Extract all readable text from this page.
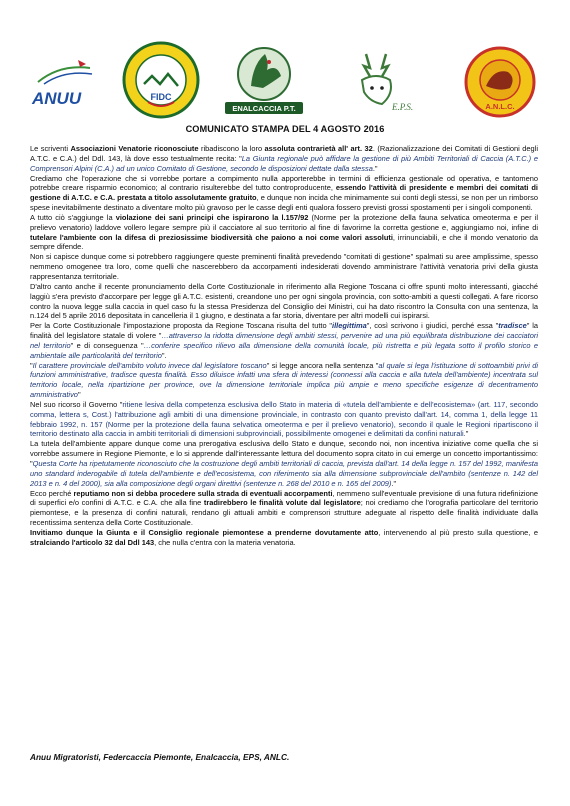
ANUU	FIDC
ENALCACCIA P.T.	E.P.S.	A.N.L.C.
COMUNICATO STAMPA DEL 4 AGOSTO 2016

Le scriventi Associazioni Venatorie riconosciute ribadiscono la loro assoluta contrarietà all' art. 32. (Razionalizzazione dei Comitati di Gestioni degli A.T.C. e C.A.) del Ddl. 143, là dove esso testualmente recita: "La Giunta regionale può affidare la gestione di più Ambiti Territoriali di Caccia (A.T.C.) e Comprensori Alpini (C.A.) ad un unico Comitato di Gestione, secondo le disposizioni dettate dalla stessa."

Crediamo che l'operazione che si vorrebbe portare a compimento nulla apporterebbe in termini di efficienza gestionale od operativa, e tantomeno potrebbe creare risparmio economico; al contrario risulterebbe del tutto controproducente, essendo l'attività di presidente e membri dei comitati di gestione di A.T.C. e C.A. prestata a titolo assolutamente gratuito, e dunque non incida che minimamente sui conti degli stessi, se non per un rimborso spese inevitabilmente destinato a diventare molto più gravoso per le casse degli enti qualora fossero previsti grossi spostamenti per i singoli componenti.

A tutto ciò s'aggiunge la violazione dei sani principi che ispirarono la l.157/92 (Norme per la protezione della fauna selvatica omeoterma e per il prelievo venatorio) laddove vollero legare sempre più il cacciatore al suo territorio al fine di favorirne la corretta gestione e, aggiungiamo noi, infine di tutelare l'ambiente con la difesa di preziosissime biodiversità che paiono a noi come valori assoluti, irrinunciabili, e che il mondo venatorio da sempre difende.

Non si capisce dunque come si potrebbero raggiungere queste preminenti finalità prevedendo "comitati di gestione" spalmati su aree amplissime, spesso nemmeno omogenee tra loro, come quelli che nascerebbero da accorpamenti indesiderati dovendo amministrare l'attività venatoria privi della giusta rappresentanza territoriale.

D'altro canto anche il recente pronunciamento della Corte Costituzionale in riferimento alla Regione Toscana ci offre spunti molto interessanti, giacché laggiù s'era previsto d'accorpare per legge gli A.T.C. esistenti, creandone uno per ogni singola provincia, con sotto-ambiti a questi collegati. A fare ricorso contro la nuova legge sulla caccia in quel caso fu la stessa Presidenza del Consiglio dei Ministri, cui ha dato riscontro la Consulta con una sentenza, la n.124 del 5 aprile 2016 depositata in cancelleria il 1 giugno, e destinata a far storia, diventare per altri modelli cui ispirarsi.

Per la Corte Costituzionale l'impostazione proposta da Regione Toscana risulta del tutto "illegittima", così scrivono i giudici, perché essa "tradisce" la finalità del legislatore statale di volere "…attraverso la ridotta dimensione degli ambiti stessi, pervenire ad una più equilibrata distribuzione dei cacciatori nel territorio" e di conseguenza "…conferire specifico rilievo alla dimensione della comunità locale, più ristretta e più legata sotto il profilo storico e ambientale alle particolarità del territorio".

"Il carattere provinciale dell'ambito voluto invece dal legislatore toscano" si legge ancora nella sentenza "al quale si lega l'istituzione di sottoambiti privi di funzioni amministrative, tradisce questa finalità. Esso diluisce infatti una sfera di interessi (connessi alla caccia e alla tutela dell'ambiente) incentrata sul territorio locale, nella ripartizione per province, ove la dimensione territoriale implica più ampie e meno specifiche esigenze di decentramento amministrativo"

Nel suo ricorso il Governo "ritiene lesiva della competenza esclusiva dello Stato in materia di «tutela dell'ambiente e dell'ecosistema» (art. 117, secondo comma, lettera s, Cost.) l'attribuzione agli ambiti di una dimensione provinciale, in contrasto con quanto previsto dall'art. 14, comma 1, della legge 11 febbraio 1992, n. 157 (Norme per la protezione della fauna selvatica omeoterma e per il prelievo venatorio), secondo il quale le Regioni ripartiscono il territorio destinato alla caccia in ambiti territoriali di dimensioni subprovinciali, possibilmente omogenei e delimitati da confini naturali."

La tutela dell'ambiente appare dunque come una prerogativa esclusiva dello Stato e dunque, secondo noi, non incentiva iniziative come quella che si vorrebbe assumere in Regione Piemonte, e lo si apprende dall'interessante lettura del documento sopra citato in cui emerge un concetto importantissimo: "Questa Corte ha ripetutamente riconosciuto che la costruzione degli ambiti territoriali di caccia, prevista dall'art. 14 della legge n. 157 del 1992, manifesta uno standard inderogabile di tutela dell'ambiente e dell'ecosistema, con riferimento sia alla dimensione subprovinciale dell'ambito (sentenze n. 142 del 2013 e n. 4 del 2000), sia alla composizione degli organi direttivi (sentenze n. 268 del 2010 e n. 165 del 2009)."

Ecco perché reputiamo non si debba procedere sulla strada di eventuali accorpamenti, nemmeno sull'eventuale previsione di una futura ridefinizione di superfici e/o confini di A.T.C. e C.A. che alla fine tradirebbero le finalità volute dal legislatore; noi crediamo che l'orografia particolare del territorio piemontese, e la presenza di confini naturali, rendano gli attuali ambiti e comprensori strutture adeguate al rispetto delle finalità individuate dalla recentissima sentenza della Corte Costituzionale.
Invitiamo dunque la Giunta e il Consiglio regionale piemontese a prenderne dovutamente atto, intervenendo al più presto sulla questione, e stralciando l'articolo 32 dal Ddl 143, che nulla c'entra con la materia venatoria.

Anuu Migratoristi, Federcaccia Piemonte, Enalcaccia, EPS, ANLC.
